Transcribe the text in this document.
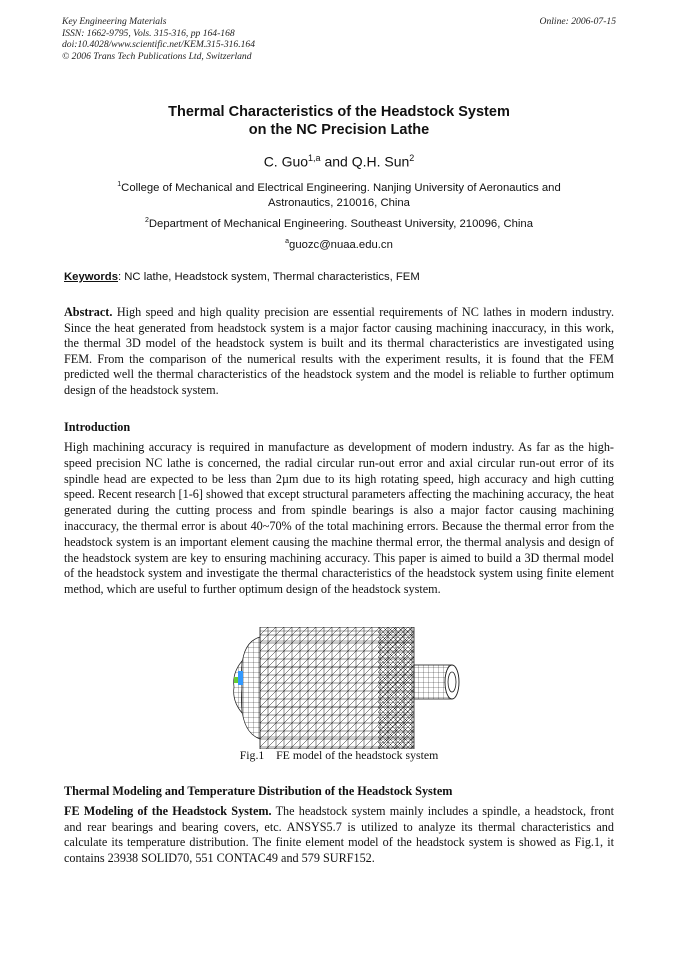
Key Engineering Materials
ISSN: 1662-9795, Vols. 315-316, pp 164-168
doi:10.4028/www.scientific.net/KEM.315-316.164
© 2006 Trans Tech Publications Ltd, Switzerland
Online: 2006-07-15
Thermal Characteristics of the Headstock System
on the NC Precision Lathe
C. Guo$^{1,a}$ and Q.H. Sun$^2$
$^1$College of Mechanical and Electrical Engineering. Nanjing University of Aeronautics and Astronautics, 210016, China
$^2$Department of Mechanical Engineering. Southeast University, 210096, China
$^a$guozc@nuaa.edu.cn
Keywords: NC lathe, Headstock system, Thermal characteristics, FEM
Abstract. High speed and high quality precision are essential requirements of NC lathes in modern industry. Since the heat generated from headstock system is a major factor causing machining inaccuracy, in this work, the thermal 3D model of the headstock system is built and its thermal characteristics are investigated using FEM. From the comparison of the numerical results with the experiment results, it is found that the FEM predicted well the thermal characteristics of the headstock system and the model is reliable to further optimum design of the headstock system.
Introduction
High machining accuracy is required in manufacture as development of modern industry. As far as the high-speed precision NC lathe is concerned, the radial circular run-out error and axial circular run-out error of its spindle head are expected to be less than 2µm due to its high rotating speed, high accuracy and high cutting speed. Recent research [1-6] showed that except structural parameters affecting the machining accuracy, the heat generated during the cutting process and from spindle bearings is also a major factor causing machining inaccuracy, the thermal error is about 40~70% of the total machining errors. Because the thermal error from the headstock system is an important element causing the machine thermal error, the thermal analysis and design of the headstock system are key to ensuring machining accuracy. This paper is aimed to build a 3D thermal model of the headstock system and investigate the thermal characteristics of the headstock system using finite element method, which are useful to further optimum design of the headstock system.
Fig.1    FE model of the headstock system
Thermal Modeling and Temperature Distribution of the Headstock System
FE Modeling of the Headstock System. The headstock system mainly includes a spindle, a headstock, front and rear bearings and bearing covers, etc. ANSYS5.7 is utilized to analyze its thermal characteristics and calculate its temperature distribution. The finite element model of the headstock system is showed as Fig.1, it contains 23938 SOLID70, 551 CONTAC49 and 579 SURF152.
